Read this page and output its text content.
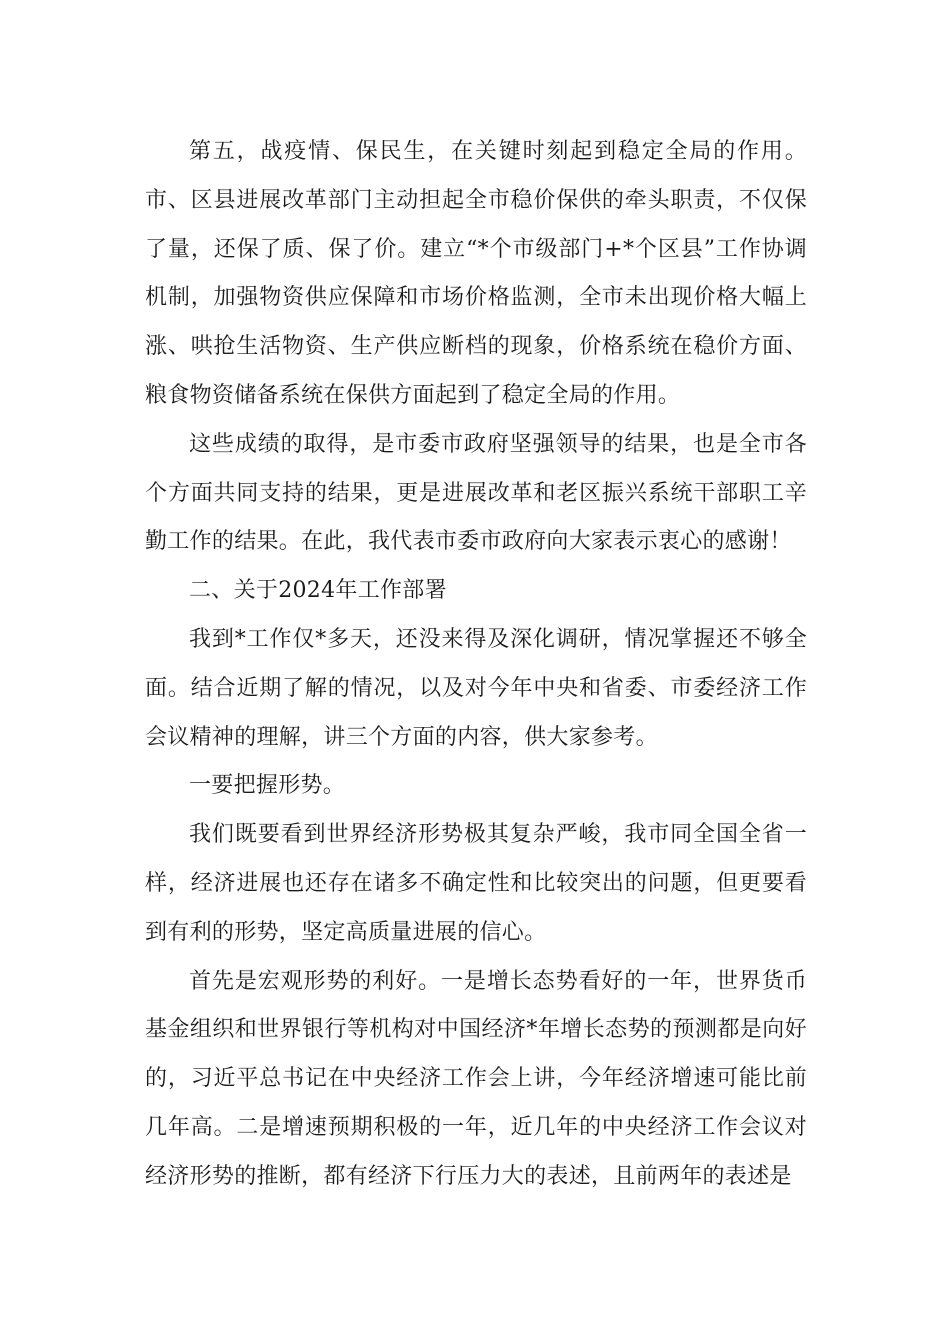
第五，战疫情、保民生，在关键时刻起到稳定全局的作用。市、区县进展改革部门主动担起全市稳价保供的牵头职责，不仅保了量，还保了质、保了价。建立“*个市级部门+*个区县”工作协调机制，加强物资供应保障和市场价格监测，全市未出现价格大幅上涨、哄抢生活物资、生产供应断档的现象，价格系统在稳价方面、粮食物资储备系统在保供方面起到了稳定全局的作用。

这些成绩的取得，是市委市政府坚强领导的结果，也是全市各个方面共同支持的结果，更是进展改革和老区振兴系统干部职工辛勤工作的结果。在此，我代表市委市政府向大家表示衷心的感谢！

二、关于2024年工作部署

我到*工作仅*多天，还没来得及深化调研，情况掌握还不够全面。结合近期了解的情况，以及对今年中央和省委、市委经济工作会议精神的理解，讲三个方面的内容，供大家参考。

一要把握形势。

我们既要看到世界经济形势极其复杂严峻，我市同全国全省一样，经济进展也还存在诸多不确定性和比较突出的问题，但更要看到有利的形势，坚定高质量进展的信心。

首先是宏观形势的利好。一是增长态势看好的一年，世界货币基金组织和世界银行等机构对中国经济*年增长态势的预测都是向好的，习近平总书记在中央经济工作会上讲，今年经济增速可能比前几年高。二是增速预期积极的一年，近几年的中央经济工作会议对经济形势的推断，都有经济下行压力大的表述，且前两年的表述是
